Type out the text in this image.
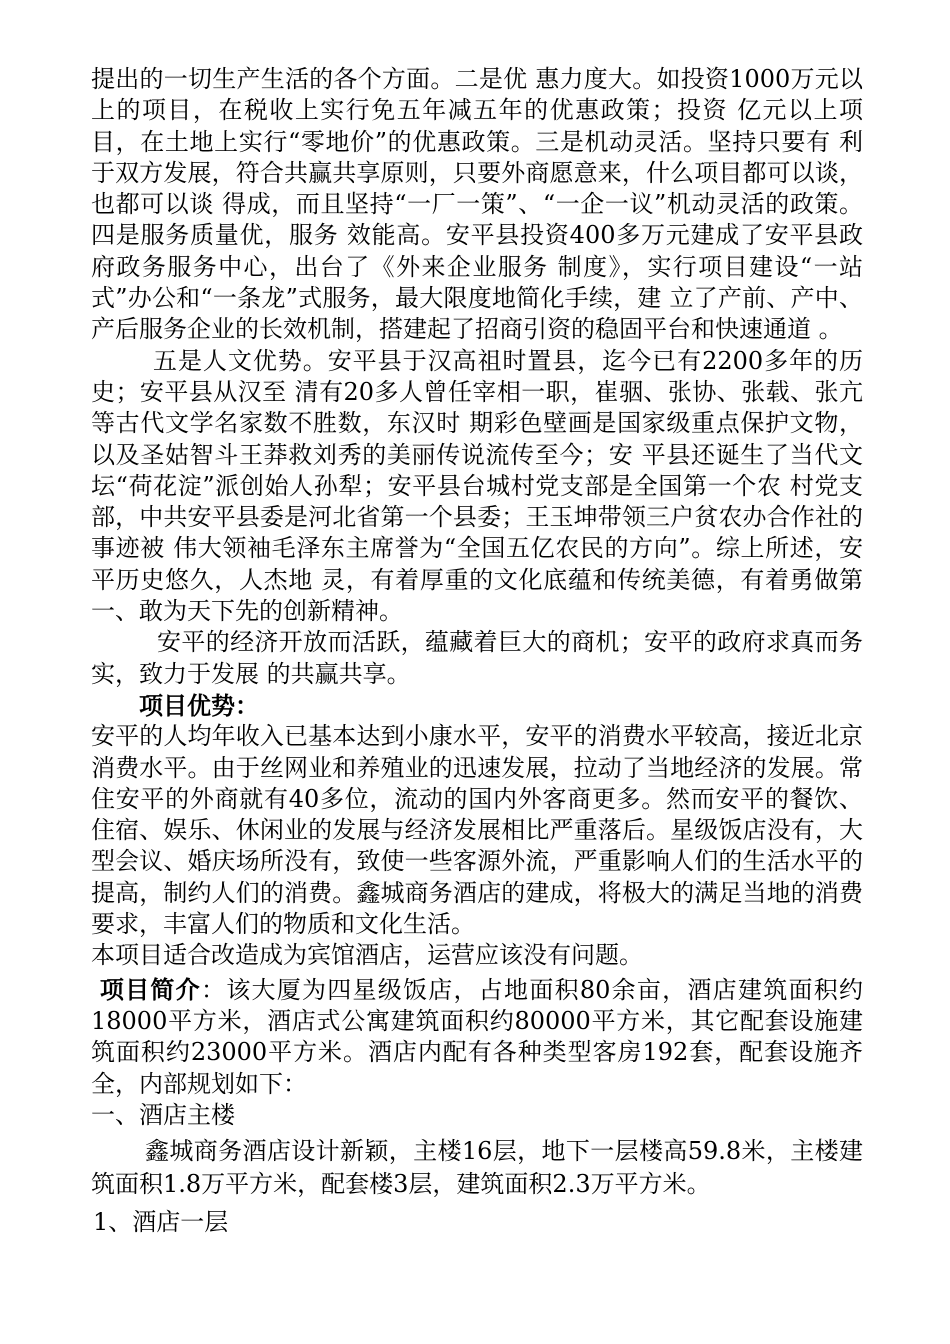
提出的一切生产生活的各个方面。二是优 惠力度大。如投资1000万元以上的项目，在税收上实行免五年减五年的优惠政策；投资 亿元以上项目，在土地上实行“零地价”的优惠政策。三是机动灵活。坚持只要有 利于双方发展，符合共赢共享原则，只要外商愿意来，什么项目都可以谈，也都可以谈 得成，而且坚持“一厂一策”、“一企一议”机动灵活的政策。四是服务质量优，服务 效能高。安平县投资400多万元建成了安平县政府政务服务中心，出台了《外来企业服务 制度》，实行项目建设“一站式”办公和“一条龙”式服务，最大限度地简化手续，建 立了产前、产中、产后服务企业的长效机制，搭建起了招商引资的稳固平台和快速通道 。

五是人文优势。安平县于汉高祖时置县，迄今已有2200多年的历史；安平县从汉至 清有20多人曾任宰相一职，崔骃、张协、张载、张亢等古代文学名家数不胜数，东汉时 期彩色壁画是国家级重点保护文物，以及圣姑智斗王莽救刘秀的美丽传说流传至今；安 平县还诞生了当代文坛“荷花淀”派创始人孙犁；安平县台城村党支部是全国第一个农 村党支部，中共安平县委是河北省第一个县委；王玉坤带领三户贫农办合作社的事迹被 伟大领袖毛泽东主席誉为“全国五亿农民的方向”。综上所述，安平历史悠久，人杰地 灵，有着厚重的文化底蕴和传统美德，有着勇做第一、敢为天下先的创新精神。

安平的经济开放而活跃，蕴藏着巨大的商机；安平的政府求真而务实，致力于发展 的共赢共享。

项目优势：

安平的人均年收入已基本达到小康水平，安平的消费水平较高，接近北京消费水平。由于丝网业和养殖业的迅速发展，拉动了当地经济的发展。常住安平的外商就有40多位，流动的国内外客商更多。然而安平的餐饮、住宿、娱乐、休闲业的发展与经济发展相比严重落后。星级饭店没有，大型会议、婚庆场所没有，致使一些客源外流，严重影响人们的生活水平的提高，制约人们的消费。鑫城商务酒店的建成，将极大的满足当地的消费要求，丰富人们的物质和文化生活。

本项目适合改造成为宾馆酒店，运营应该没有问题。

项目简介：该大厦为四星级饭店，占地面积80余亩，酒店建筑面积约18000平方米，酒店式公寓建筑面积约80000平方米，其它配套设施建筑面积约23000平方米。酒店内配有各种类型客房192套，配套设施齐全，内部规划如下：

一、酒店主楼

鑫城商务酒店设计新颖，主楼16层，地下一层楼高59.8米，主楼建筑面积1.8万平方米，配套楼3层，建筑面积2.3万平方米。

1、酒店一层
